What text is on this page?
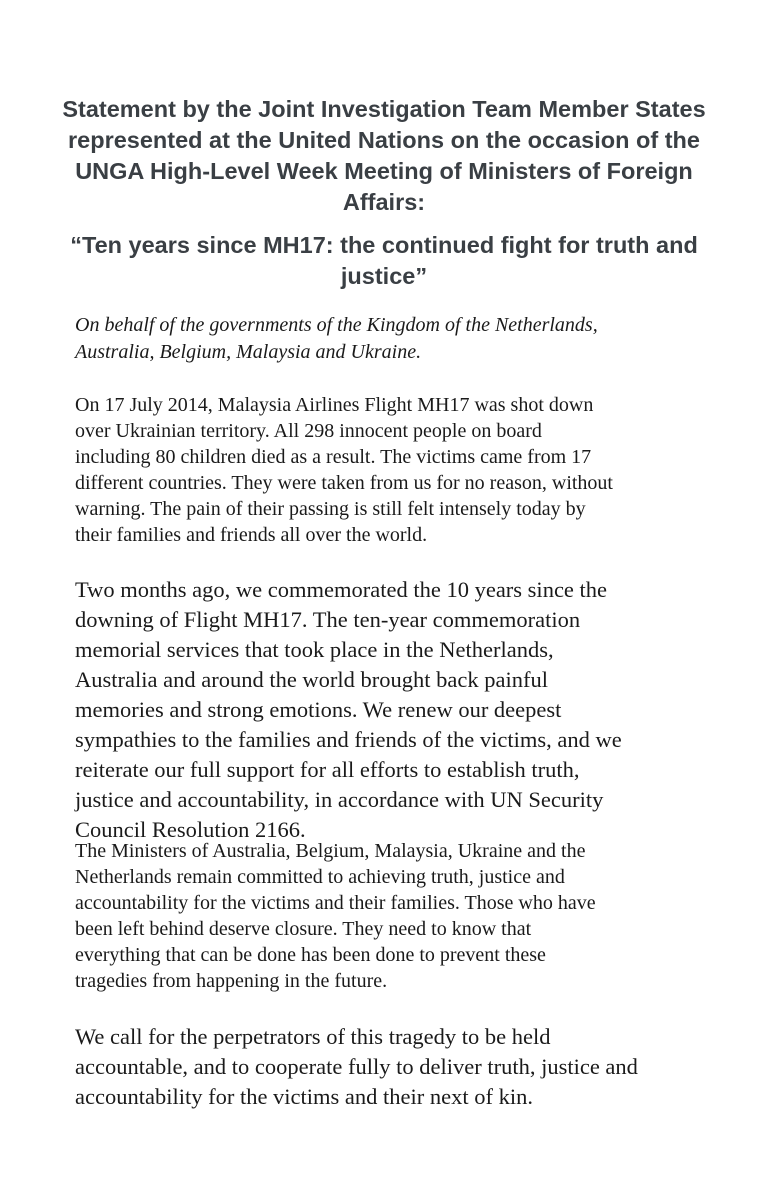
Statement by the Joint Investigation Team Member States represented at the United Nations on the occasion of the UNGA High-Level Week Meeting of Ministers of Foreign Affairs:
“Ten years since MH17: the continued fight for truth and justice”

On behalf of the governments of the Kingdom of the Netherlands,
Australia, Belgium, Malaysia and Ukraine.

On 17 July 2014, Malaysia Airlines Flight MH17 was shot down
over Ukrainian territory. All 298 innocent people on board
including 80 children died as a result. The victims came from 17
different countries. They were taken from us for no reason, without
warning. The pain of their passing is still felt intensely today by
their families and friends all over the world.

Two months ago, we commemorated the 10 years since the
downing of Flight MH17. The ten-year commemoration
memorial services that took place in the Netherlands,
Australia and around the world brought back painful
memories and strong emotions. We renew our deepest
sympathies to the families and friends of the victims, and we
reiterate our full support for all efforts to establish truth,
justice and accountability, in accordance with UN Security
Council Resolution 2166.

The Ministers of Australia, Belgium, Malaysia, Ukraine and the
Netherlands remain committed to achieving truth, justice and
accountability for the victims and their families. Those who have
been left behind deserve closure. They need to know that
everything that can be done has been done to prevent these
tragedies from happening in the future.

We call for the perpetrators of this tragedy to be held
accountable, and to cooperate fully to deliver truth, justice and
accountability for the victims and their next of kin.
